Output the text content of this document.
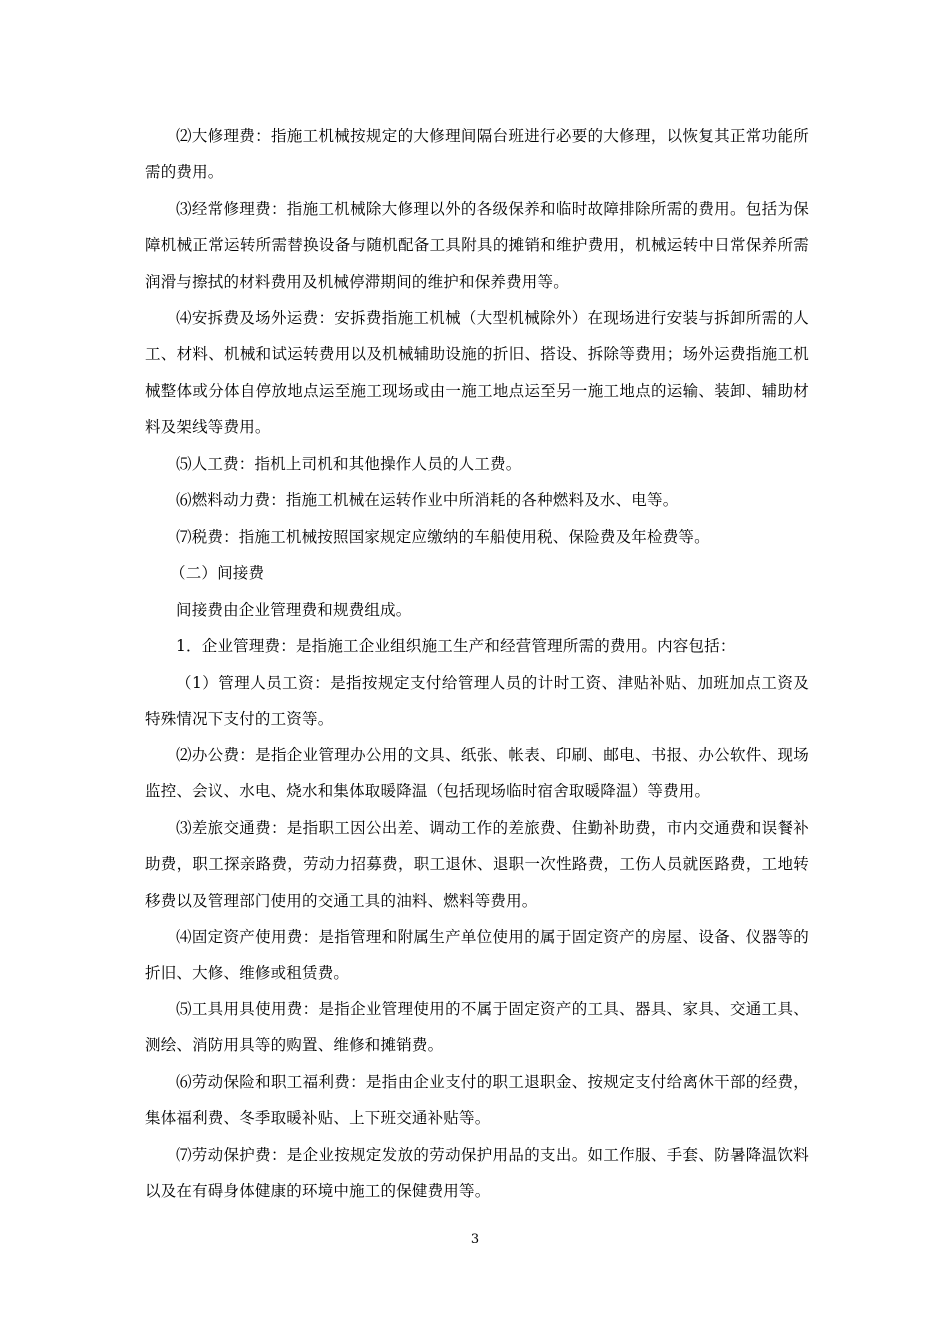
⑵大修理费：指施工机械按规定的大修理间隔台班进行必要的大修理，以恢复其正常功能所需的费用。

⑶经常修理费：指施工机械除大修理以外的各级保养和临时故障排除所需的费用。包括为保障机械正常运转所需替换设备与随机配备工具附具的摊销和维护费用，机械运转中日常保养所需润滑与擦拭的材料费用及机械停滞期间的维护和保养费用等。

⑷安拆费及场外运费：安拆费指施工机械（大型机械除外）在现场进行安装与拆卸所需的人工、材料、机械和试运转费用以及机械辅助设施的折旧、搭设、拆除等费用；场外运费指施工机械整体或分体自停放地点运至施工现场或由一施工地点运至另一施工地点的运输、装卸、辅助材料及架线等费用。

⑸人工费：指机上司机和其他操作人员的人工费。

⑹燃料动力费：指施工机械在运转作业中所消耗的各种燃料及水、电等。

⑺税费：指施工机械按照国家规定应缴纳的车船使用税、保险费及年检费等。

（二）间接费

间接费由企业管理费和规费组成。

1．企业管理费：是指施工企业组织施工生产和经营管理所需的费用。内容包括：

（1）管理人员工资：是指按规定支付给管理人员的计时工资、津贴补贴、加班加点工资及特殊情况下支付的工资等。

⑵办公费：是指企业管理办公用的文具、纸张、帐表、印刷、邮电、书报、办公软件、现场监控、会议、水电、烧水和集体取暖降温（包括现场临时宿舍取暖降温）等费用。

⑶差旅交通费：是指职工因公出差、调动工作的差旅费、住勤补助费，市内交通费和误餐补助费，职工探亲路费，劳动力招募费，职工退休、退职一次性路费，工伤人员就医路费，工地转移费以及管理部门使用的交通工具的油料、燃料等费用。

⑷固定资产使用费：是指管理和附属生产单位使用的属于固定资产的房屋、设备、仪器等的折旧、大修、维修或租赁费。

⑸工具用具使用费：是指企业管理使用的不属于固定资产的工具、器具、家具、交通工具、测绘、消防用具等的购置、维修和摊销费。

⑹劳动保险和职工福利费：是指由企业支付的职工退职金、按规定支付给离休干部的经费，集体福利费、冬季取暖补贴、上下班交通补贴等。

⑺劳动保护费：是企业按规定发放的劳动保护用品的支出。如工作服、手套、防暑降温饮料以及在有碍身体健康的环境中施工的保健费用等。

3
